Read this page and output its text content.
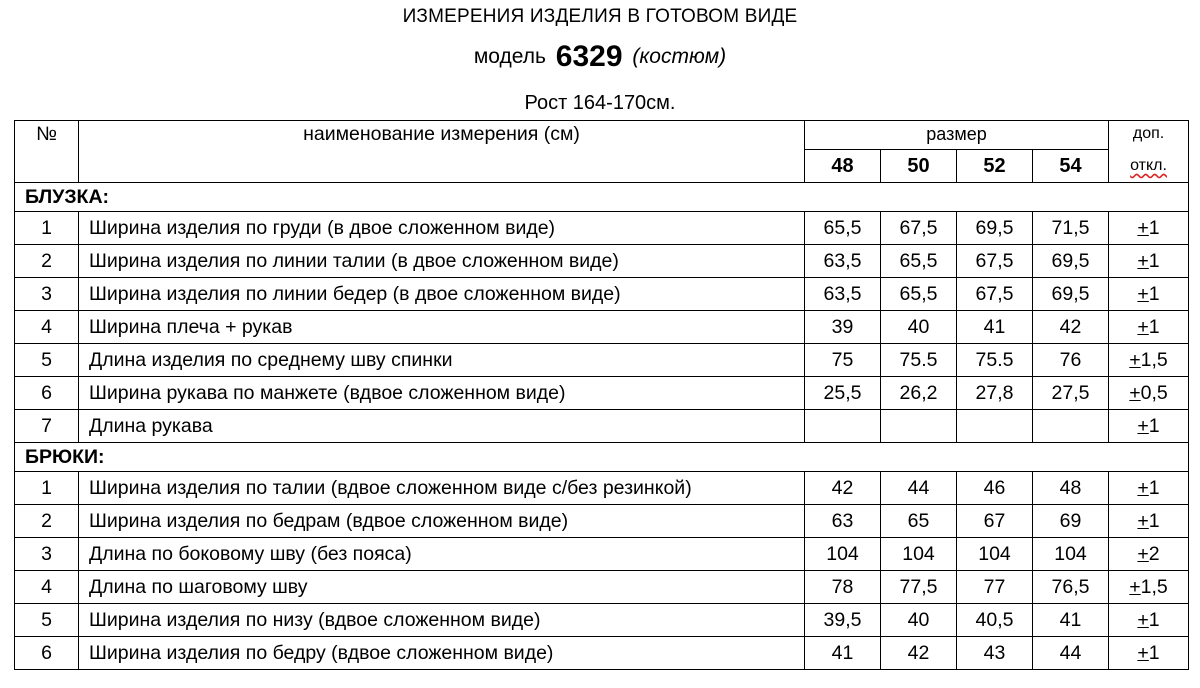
ИЗМЕРЕНИЯ ИЗДЕЛИЯ В ГОТОВОМ ВИДЕ
модель 6329 (костюм)
Рост 164-170см.
№	наименование измерения (см)	размер				доп.
		48	50	52	54	откл.
БЛУЗКА:						
1	Ширина изделия по груди (в двое сложенном виде)	65,5	67,5	69,5	71,5	+1
2	Ширина изделия по линии талии (в двое сложенном виде)	63,5	65,5	67,5	69,5	+1
3	Ширина изделия по линии бедер (в двое сложенном виде)	63,5	65,5	67,5	69,5	+1
4	Ширина плеча + рукав	39	40	41	42	+1
5	Длина изделия по среднему шву спинки	75	75.5	75.5	76	+1,5
6	Ширина рукава по манжете (вдвое сложенном виде)	25,5	26,2	27,8	27,5	+0,5
7	Длина рукава					+1
БРЮКИ:						
1	Ширина изделия по талии (вдвое сложенном виде с/без резинкой)	42	44	46	48	+1
2	Ширина изделия по бедрам (вдвое сложенном виде)	63	65	67	69	+1
3	Длина по боковому шву (без пояса)	104	104	104	104	+2
4	Длина по шаговому шву	78	77,5	77	76,5	+1,5
5	Ширина изделия по низу (вдвое сложенном виде)	39,5	40	40,5	41	+1
6	Ширина изделия по бедру (вдвое сложенном виде)	41	42	43	44	+1
